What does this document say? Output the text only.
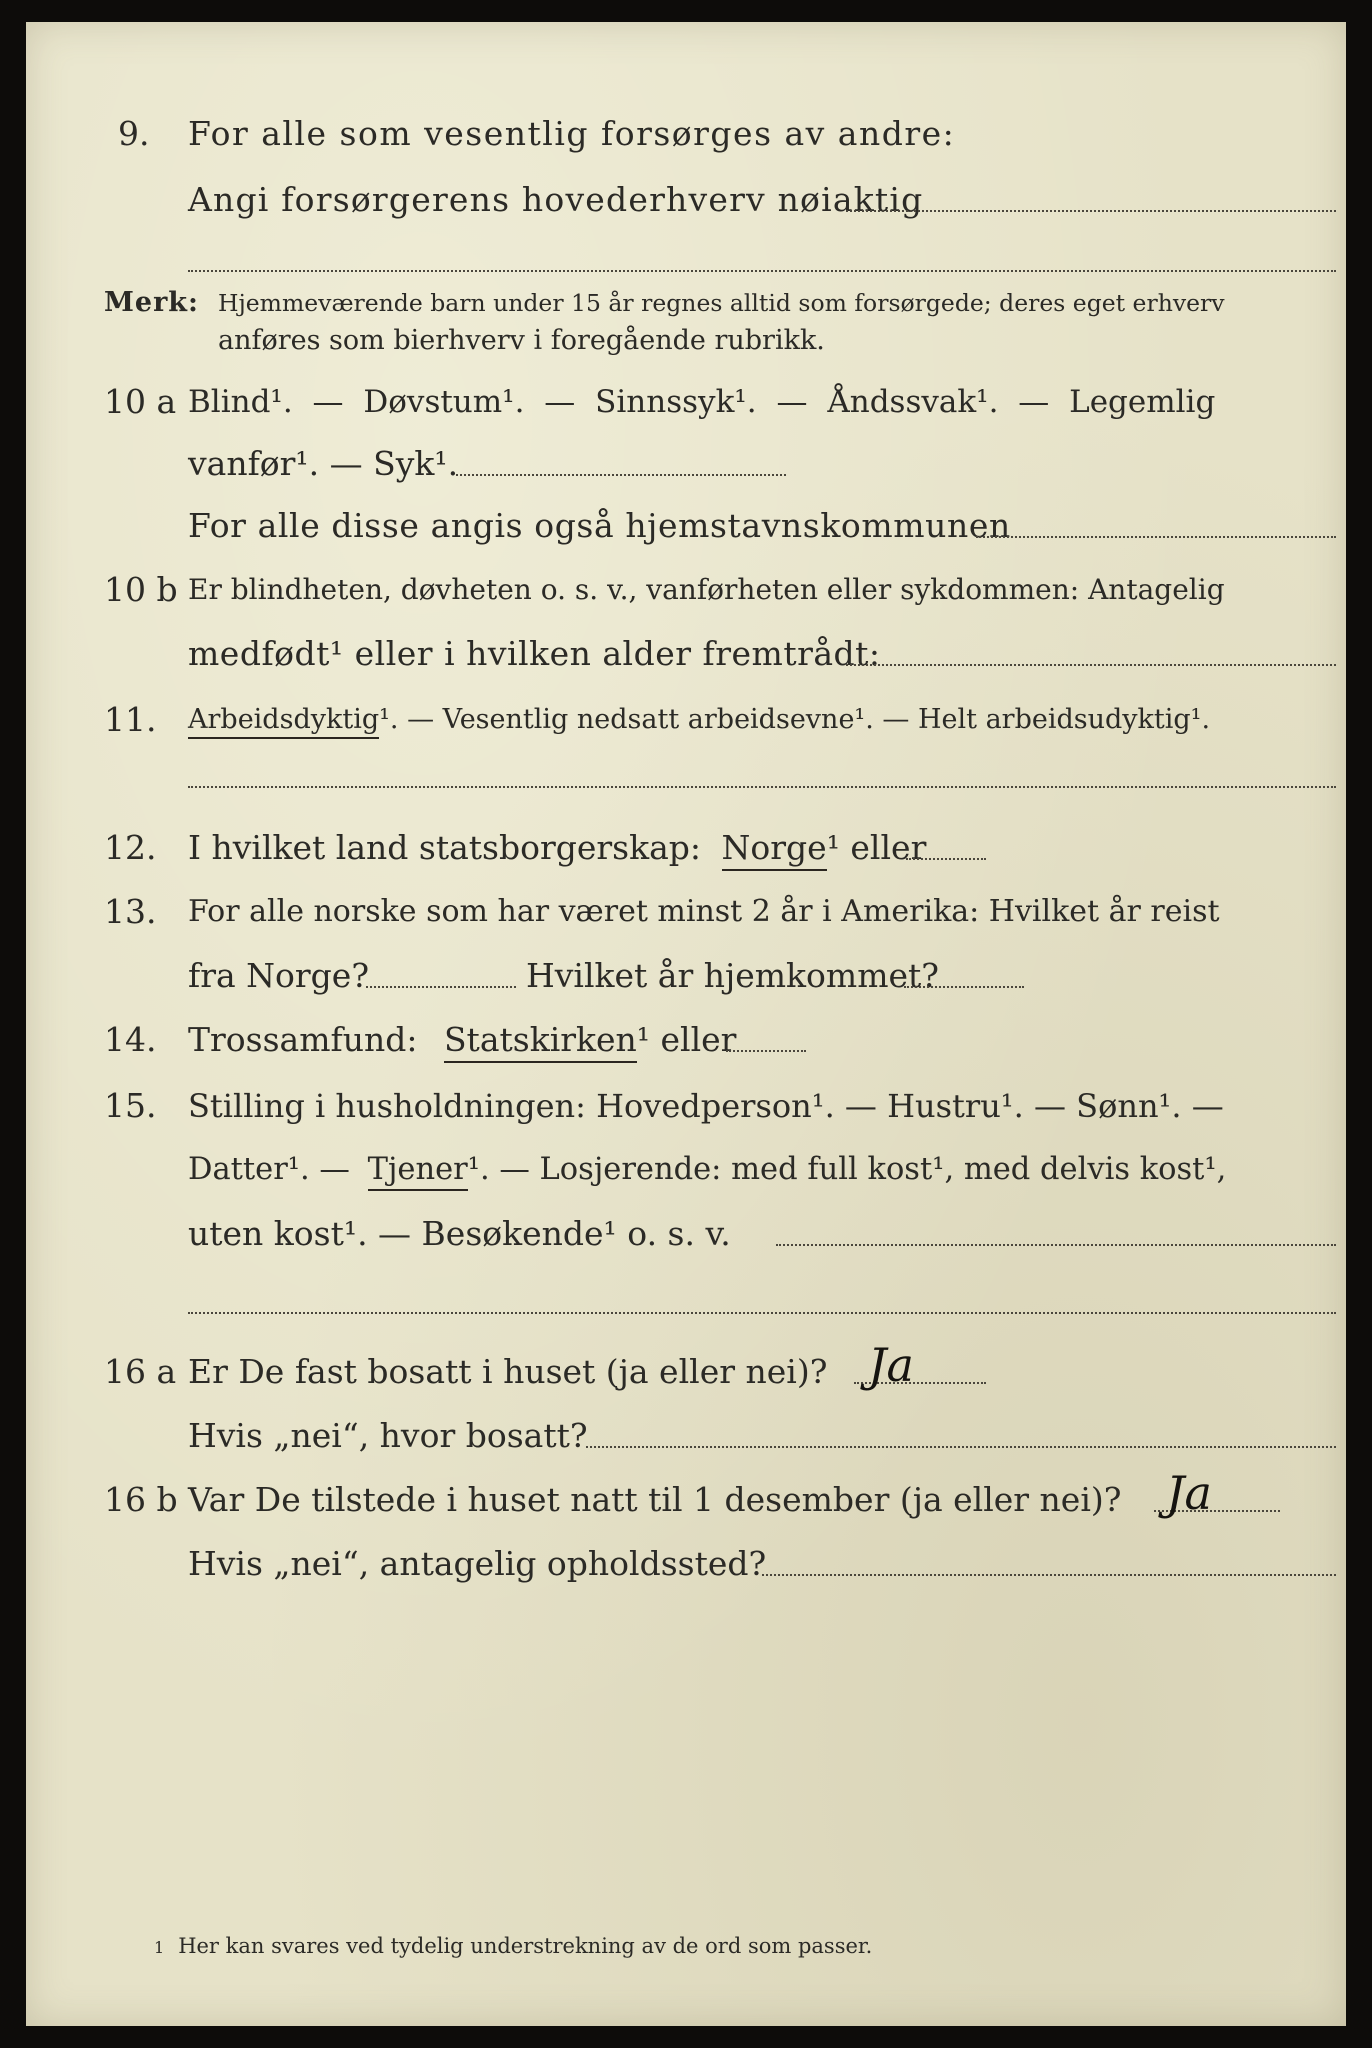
9. For alle som vesentlig forsørges av andre:
Angi forsørgerens hovederhverv nøiaktig
Merk: Hjemmeværende barn under 15 år regnes alltid som forsørgede; deres eget erhverv
anføres som bierhverv i foregående rubrikk.
10 a Blind¹. — Døvstum¹. — Sinnssyk¹. — Åndssvak¹. — Legemlig
vanfør¹. — Syk¹.
For alle disse angis også hjemstavnskommunen
10 b Er blindheten, døvheten o. s. v., vanførheten eller sykdommen: Antagelig
medfødt¹ eller i hvilken alder fremtrådt:
11. Arbeidsdyktig¹. — Vesentlig nedsatt arbeidsevne¹. — Helt arbeidsudyktig¹.
12. I hvilket land statsborgerskap: Norge¹ eller
13. For alle norske som har været minst 2 år i Amerika: Hvilket år reist
fra Norge?	Hvilket år hjemkommet?
14. Trossamfund: Statskirken¹ eller
15. Stilling i husholdningen: Hovedperson¹. — Hustru¹. — Sønn¹. —
Datter¹. — Tjener¹. — Losjerende: med full kost¹, med delvis kost¹,
uten kost¹. — Besøkende¹ o. s. v.
16 a Er De fast bosatt i huset (ja eller nei)? Ja
Hvis „nei“, hvor bosatt?
16 b Var De tilstede i huset natt til 1 desember (ja eller nei)? Ja
Hvis „nei“, antagelig opholdssted?
1 Her kan svares ved tydelig understrekning av de ord som passer.
